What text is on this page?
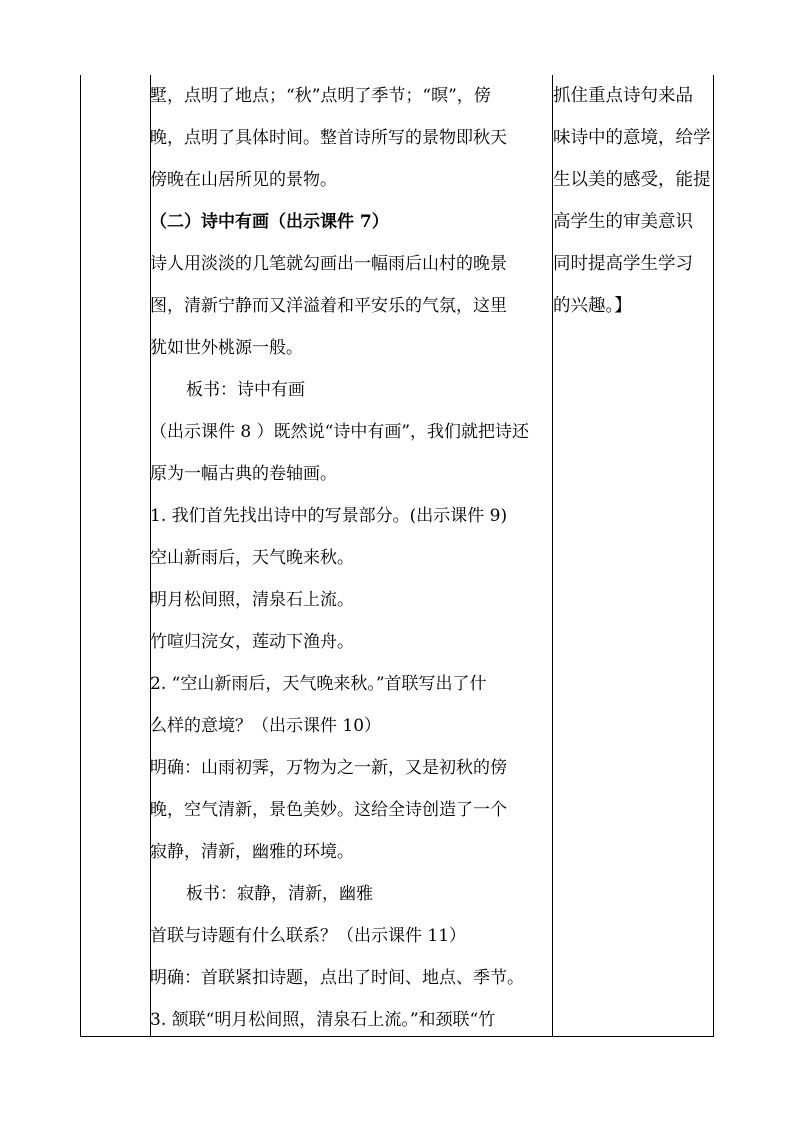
墅，点明了地点；“秋”点明了季节；“暝”，傍
晚，点明了具体时间。整首诗所写的景物即秋天
傍晚在山居所见的景物。
（二）诗中有画（出示课件 7）
诗人用淡淡的几笔就勾画出一幅雨后山村的晚景
图，清新宁静而又洋溢着和平安乐的气氛，这里
犹如世外桃源一般。
板书：诗中有画
（出示课件 8 ）既然说“诗中有画”，我们就把诗还
原为一幅古典的卷轴画。
1. 我们首先找出诗中的写景部分。(出示课件 9)
空山新雨后，天气晚来秋。
明月松间照，清泉石上流。
竹喧归浣女，莲动下渔舟。
2. “空山新雨后，天气晚来秋。”首联写出了什
么样的意境？（出示课件 10）
明确：山雨初霁，万物为之一新，又是初秋的傍
晚，空气清新，景色美妙。这给全诗创造了一个
寂静，清新，幽雅的环境。
板书：寂静，清新，幽雅
首联与诗题有什么联系？（出示课件 11）
明确：首联紧扣诗题，点出了时间、地点、季节。
3. 颔联“明月松间照，清泉石上流。”和颈联“竹
抓住重点诗句来品
味诗中的意境，给学
生以美的感受，能提
高学生的审美意识
同时提高学生学习
的兴趣。】
